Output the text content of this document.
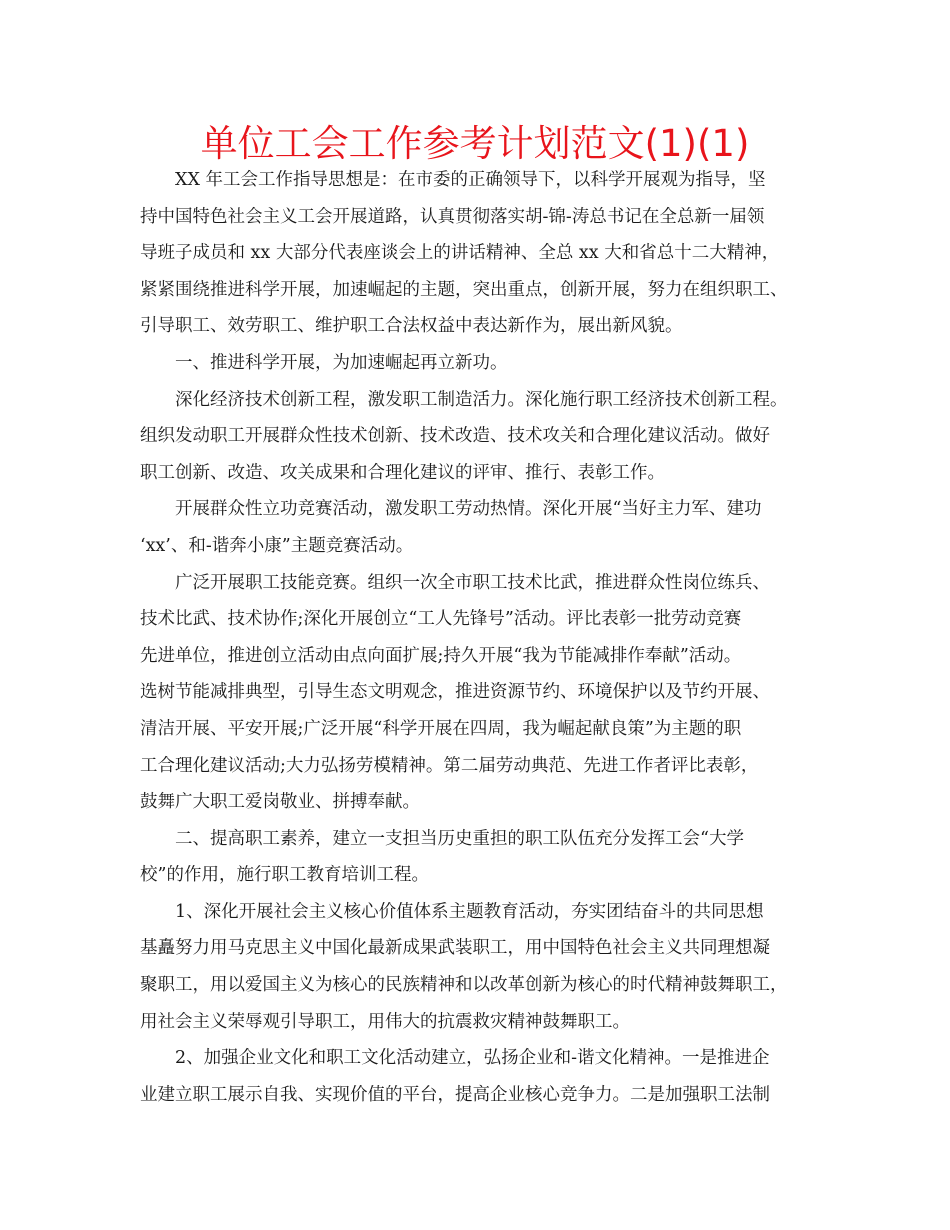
单位工会工作参考计划范文(1)(1)

XX 年工会工作指导思想是：在市委的正确领导下，以科学开展观为指导，坚
持中国特色社会主义工会开展道路，认真贯彻落实胡-锦-涛总书记在全总新一届领
导班子成员和 xx 大部分代表座谈会上的讲话精神、全总 xx 大和省总十二大精神，
紧紧围绕推进科学开展，加速崛起的主题，突出重点，创新开展，努力在组织职工、
引导职工、效劳职工、维护职工合法权益中表达新作为，展出新风貌。

一、推进科学开展，为加速崛起再立新功。

深化经济技术创新工程，激发职工制造活力。深化施行职工经济技术创新工程。
组织发动职工开展群众性技术创新、技术改造、技术攻关和合理化建议活动。做好
职工创新、改造、攻关成果和合理化建议的评审、推行、表彰工作。

开展群众性立功竞赛活动，激发职工劳动热情。深化开展“当好主力军、建功
‘xx’、和-谐奔小康”主题竞赛活动。

广泛开展职工技能竞赛。组织一次全市职工技术比武，推进群众性岗位练兵、
技术比武、技术协作;深化开展创立“工人先锋号”活动。评比表彰一批劳动竞赛
先进单位，推进创立活动由点向面扩展;持久开展“我为节能减排作奉献”活动。
选树节能减排典型，引导生态文明观念，推进资源节约、环境保护以及节约开展、
清洁开展、平安开展;广泛开展“科学开展在四周，我为崛起献良策”为主题的职
工合理化建议活动;大力弘扬劳模精神。第二届劳动典范、先进工作者评比表彰，
鼓舞广大职工爱岗敬业、拼搏奉献。

二、提高职工素养，建立一支担当历史重担的职工队伍充分发挥工会“大学
校”的作用，施行职工教育培训工程。

1、深化开展社会主义核心价值体系主题教育活动，夯实团结奋斗的共同思想
基矗努力用马克思主义中国化最新成果武装职工，用中国特色社会主义共同理想凝
聚职工，用以爱国主义为核心的民族精神和以改革创新为核心的时代精神鼓舞职工，
用社会主义荣辱观引导职工，用伟大的抗震救灾精神鼓舞职工。

2、加强企业文化和职工文化活动建立，弘扬企业和-谐文化精神。一是推进企
业建立职工展示自我、实现价值的平台，提高企业核心竞争力。二是加强职工法制
